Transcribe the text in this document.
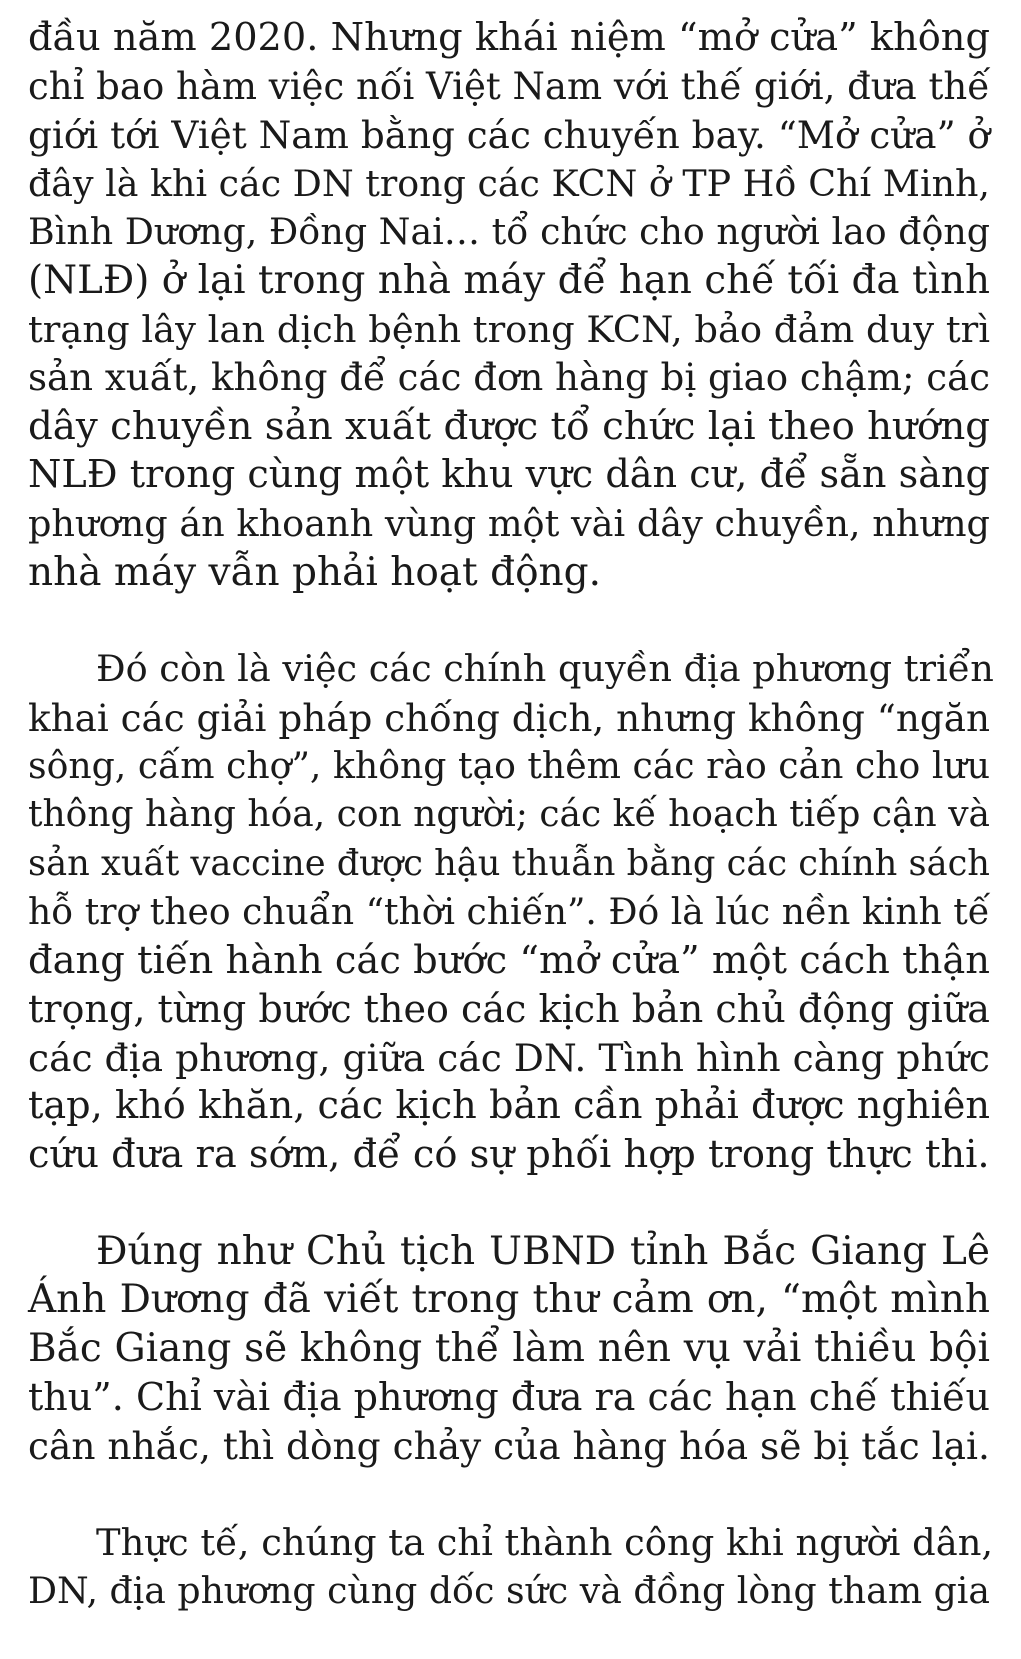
đầu năm 2020. Nhưng khái niệm “mở cửa” không
chỉ bao hàm việc nối Việt Nam với thế giới, đưa thế
giới tới Việt Nam bằng các chuyến bay. “Mở cửa” ở
đây là khi các DN trong các KCN ở TP Hồ Chí Minh,
Bình Dương, Đồng Nai… tổ chức cho người lao động
(NLĐ) ở lại trong nhà máy để hạn chế tối đa tình
trạng lây lan dịch bệnh trong KCN, bảo đảm duy trì
sản xuất, không để các đơn hàng bị giao chậm; các
dây chuyền sản xuất được tổ chức lại theo hướng
NLĐ trong cùng một khu vực dân cư, để sẵn sàng
phương án khoanh vùng một vài dây chuyền, nhưng
nhà máy vẫn phải hoạt động.
Đó còn là việc các chính quyền địa phương triển
khai các giải pháp chống dịch, nhưng không “ngăn
sông, cấm chợ”, không tạo thêm các rào cản cho lưu
thông hàng hóa, con người; các kế hoạch tiếp cận và
sản xuất vaccine được hậu thuẫn bằng các chính sách
hỗ trợ theo chuẩn “thời chiến”. Đó là lúc nền kinh tế
đang tiến hành các bước “mở cửa” một cách thận
trọng, từng bước theo các kịch bản chủ động giữa
các địa phương, giữa các DN. Tình hình càng phức
tạp, khó khăn, các kịch bản cần phải được nghiên
cứu đưa ra sớm, để có sự phối hợp trong thực thi.
Đúng như Chủ tịch UBND tỉnh Bắc Giang Lê
Ánh Dương đã viết trong thư cảm ơn, “một mình
Bắc Giang sẽ không thể làm nên vụ vải thiều bội
thu”. Chỉ vài địa phương đưa ra các hạn chế thiếu
cân nhắc, thì dòng chảy của hàng hóa sẽ bị tắc lại.
Thực tế, chúng ta chỉ thành công khi người dân,
DN, địa phương cùng dốc sức và đồng lòng tham gia
